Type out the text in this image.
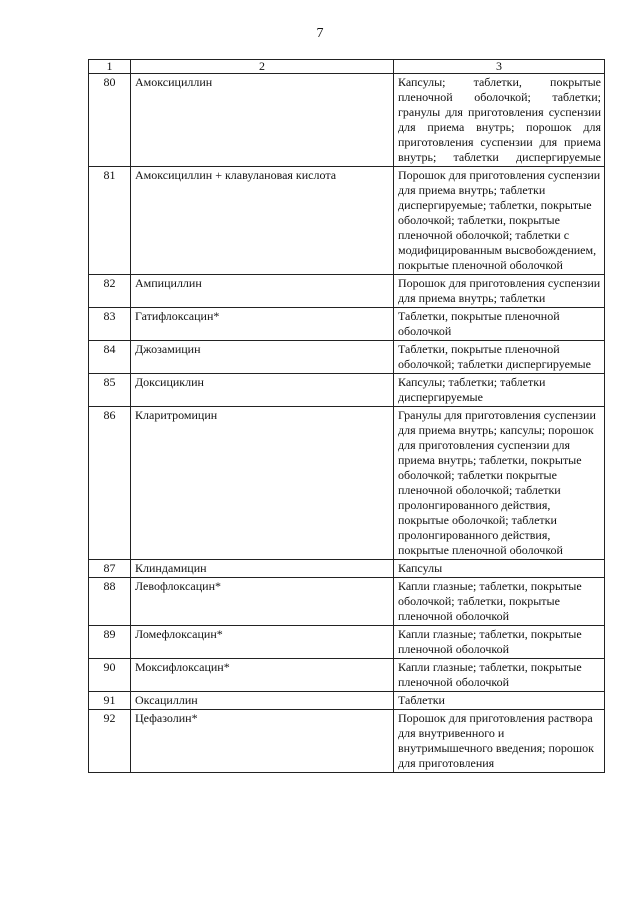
7
1	2	3
80	Амоксициллин	Капсулы; таблетки, покрытые пленочной оболочкой; таблетки; гранулы для приготовления суспензии для приема внутрь; порошок для приготовления суспензии для приема внутрь; таблетки диспергируемые
81	Амоксициллин + клавулановая кислота	Порошок для приготовления суспензии для приема внутрь; таблетки диспергируемые; таблетки, покрытые оболочкой; таблетки, покрытые пленочной оболочкой; таблетки с модифицированным высвобождением, покрытые пленочной оболочкой
82	Ампициллин	Порошок для приготовления суспензии для приема внутрь; таблетки
83	Гатифлоксацин*	Таблетки, покрытые пленочной оболочкой
84	Джозамицин	Таблетки, покрытые пленочной оболочкой; таблетки диспергируемые
85	Доксициклин	Капсулы; таблетки; таблетки диспергируемые
86	Кларитромицин	Гранулы для приготовления суспензии для приема внутрь; капсулы; порошок для приготовления суспензии для приема внутрь; таблетки, покрытые оболочкой; таблетки покрытые пленочной оболочкой; таблетки пролонгированного действия, покрытые оболочкой; таблетки пролонгированного действия, покрытые пленочной оболочкой
87	Клиндамицин	Капсулы
88	Левофлоксацин*	Капли глазные; таблетки, покрытые оболочкой; таблетки, покрытые пленочной оболочкой
89	Ломефлоксацин*	Капли глазные; таблетки, покрытые пленочной оболочкой
90	Моксифлоксацин*	Капли глазные; таблетки, покрытые пленочной оболочкой
91	Оксациллин	Таблетки
92	Цефазолин*	Порошок для приготовления раствора для внутривенного и внутримышечного введения; порошок для приготовления
